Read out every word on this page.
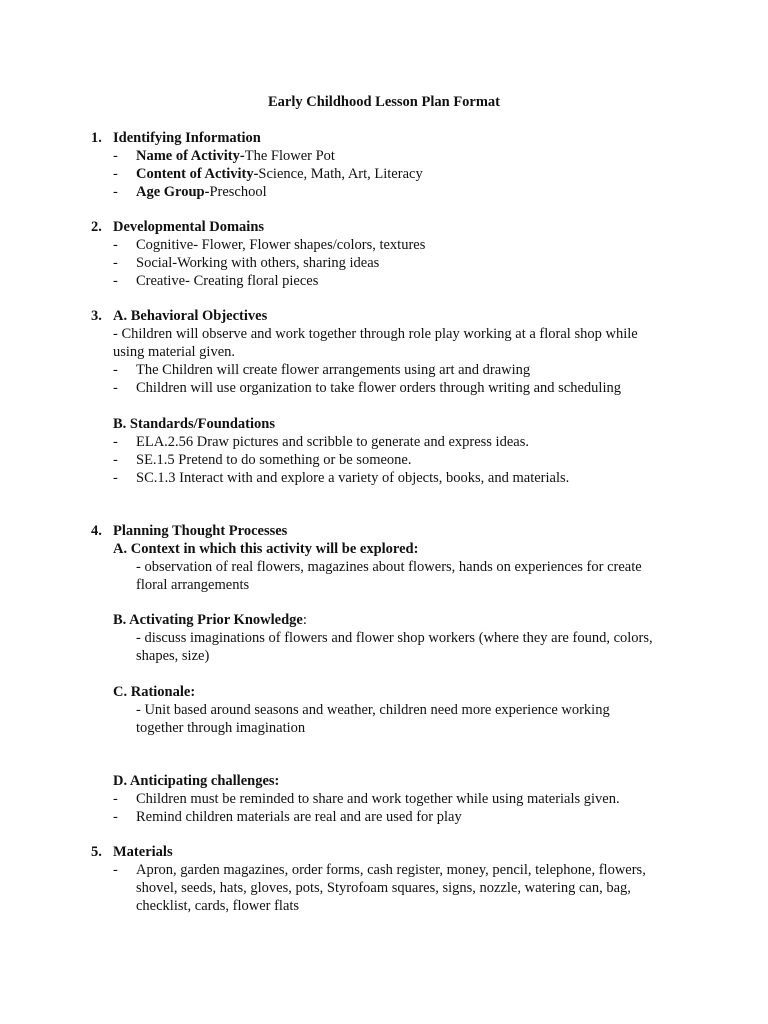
Early Childhood Lesson Plan Format
1. Identifying Information
- Name of Activity-The Flower Pot
- Content of Activity-Science, Math, Art, Literacy
- Age Group-Preschool
2. Developmental Domains
- Cognitive- Flower, Flower shapes/colors, textures
- Social-Working with others, sharing ideas
- Creative- Creating floral pieces
3. A. Behavioral Objectives
- Children will observe and work together through role play working at a floral shop while
using material given.
- The Children will create flower arrangements using art and drawing
- Children will use organization to take flower orders through writing and scheduling
B. Standards/Foundations
- ELA.2.56 Draw pictures and scribble to generate and express ideas.
- SE.1.5 Pretend to do something or be someone.
- SC.1.3 Interact with and explore a variety of objects, books, and materials.
4. Planning Thought Processes
A. Context in which this activity will be explored:
- observation of real flowers, magazines about flowers, hands on experiences for create
floral arrangements
B. Activating Prior Knowledge:
- discuss imaginations of flowers and flower shop workers (where they are found, colors,
shapes, size)
C. Rationale:
- Unit based around seasons and weather, children need more experience working
together through imagination
D. Anticipating challenges:
- Children must be reminded to share and work together while using materials given.
- Remind children materials are real and are used for play
5. Materials
- Apron, garden magazines, order forms, cash register, money, pencil, telephone, flowers,
shovel, seeds, hats, gloves, pots, Styrofoam squares, signs, nozzle, watering can, bag,
checklist, cards, flower flats
